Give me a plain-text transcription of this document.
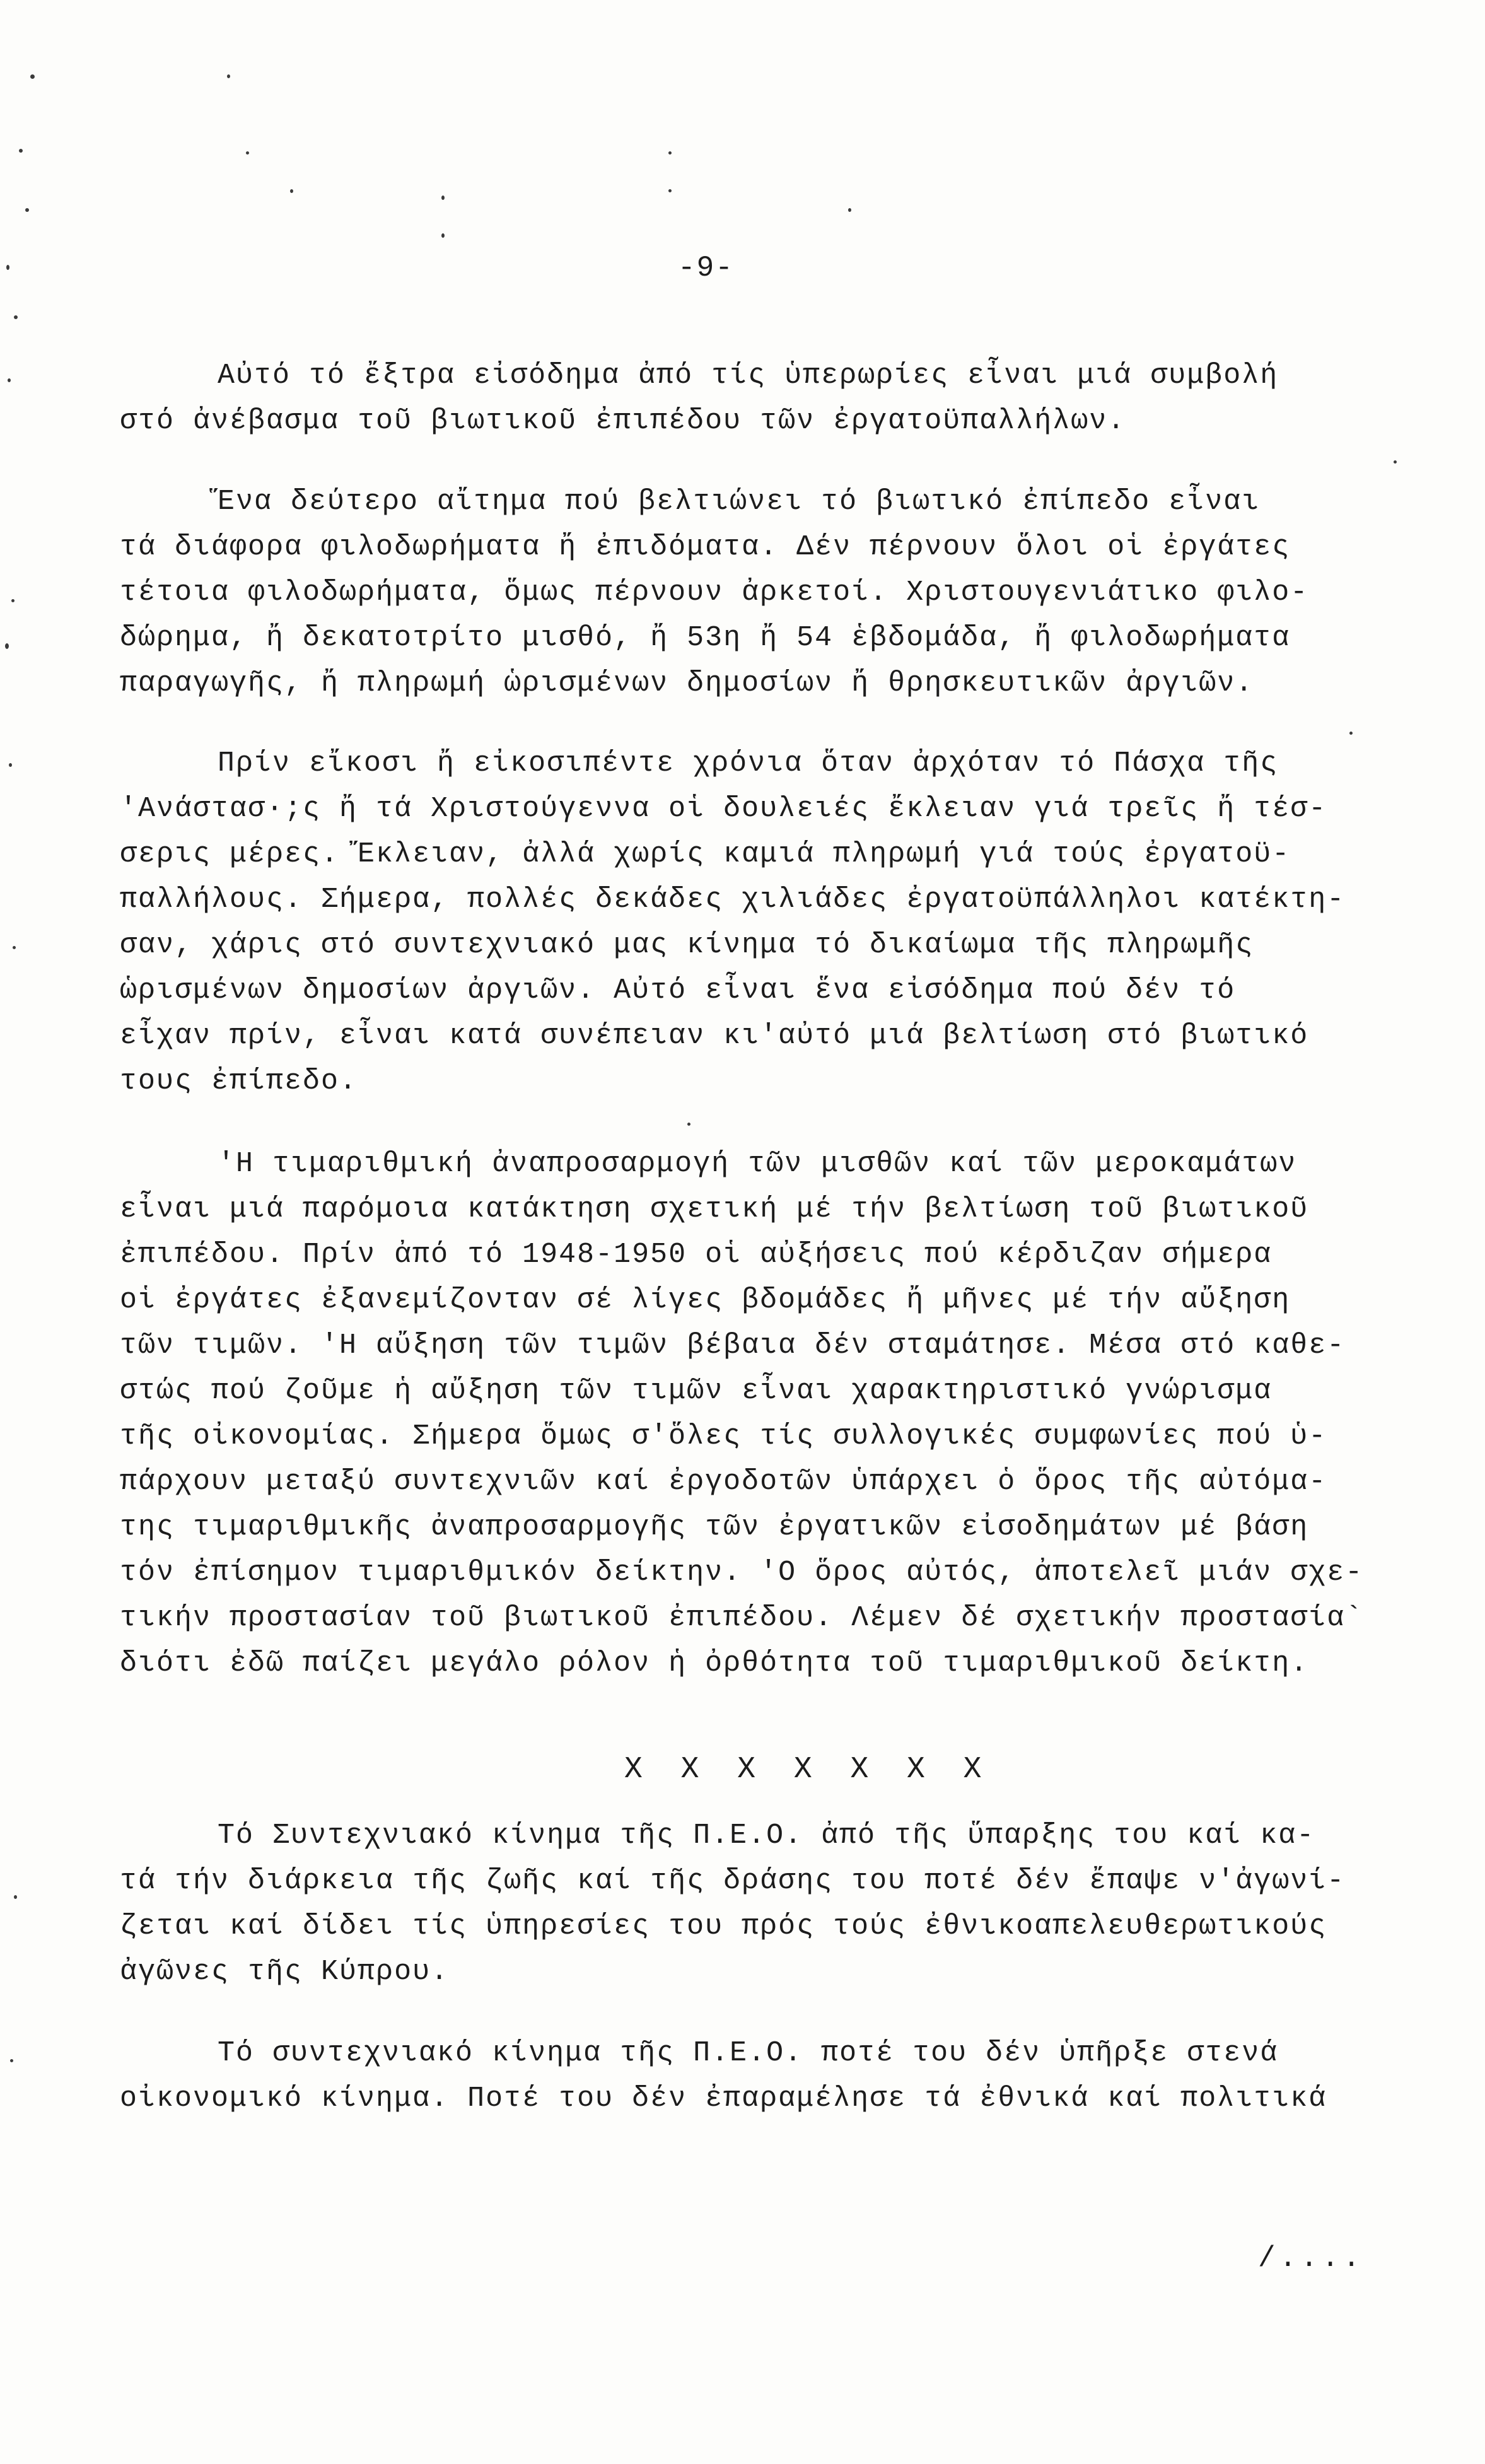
-9-
Αὐτό τό ἔξτρα εἰσόδημα ἀπό τίς ὑπερωρίες εἶναι μιά συμβολή
στό ἀνέβασμα τοῦ βιωτικοῦ ἐπιπέδου τῶν ἐργατοϋπαλλήλων.
Ἕνα δεύτερο αἴτημα πού βελτιώνει τό βιωτικό ἐπίπεδο εἶναι
τά διάφορα φιλοδωρήματα ἤ ἐπιδόματα. Δέν πέρνουν ὅλοι οἱ ἐργάτες
τέτοια φιλοδωρήματα, ὅμως πέρνουν ἀρκετοί. Χριστουγενιάτικο φιλο-
δώρημα, ἤ δεκατοτρίτο μισθό, ἤ 53η ἤ 54 ἑβδομάδα, ἤ φιλοδωρήματα
παραγωγῆς, ἤ πληρωμή ὡρισμένων δημοσίων ἤ θρησκευτικῶν ἀργιῶν.
Πρίν εἴκοσι ἤ εἰκοσιπέντε χρόνια ὅταν ἀρχόταν τό Πάσχα τῆς
'Ανάστασ·;ς ἤ τά Χριστούγεννα οἱ δουλειές ἔκλειαν γιά τρεῖς ἤ τέσ-
σερις μέρες. Ἔκλειαν, ἀλλά χωρίς καμιά πληρωμή γιά τούς ἐργατοϋ-
παλλήλους. Σήμερα, πολλές δεκάδες χιλιάδες ἐργατοϋπάλληλοι κατέκτη-
σαν, χάρις στό συντεχνιακό μας κίνημα τό δικαίωμα τῆς πληρωμῆς
ὡρισμένων δημοσίων ἀργιῶν. Αὐτό εἶναι ἕνα εἰσόδημα πού δέν τό
εἶχαν πρίν, εἶναι κατά συνέπειαν κι'αὐτό μιά βελτίωση στό βιωτικό
τους ἐπίπεδο.
'Η τιμαριθμική ἀναπροσαρμογή τῶν μισθῶν καί τῶν μεροκαμάτων
εἶναι μιά παρόμοια κατάκτηση σχετική μέ τήν βελτίωση τοῦ βιωτικοῦ
ἐπιπέδου. Πρίν ἀπό τό 1948-1950 οἱ αὐξήσεις πού κέρδιζαν σήμερα
οἱ ἐργάτες ἐξανεμίζονταν σέ λίγες βδομάδες ἤ μῆνες μέ τήν αὔξηση
τῶν τιμῶν. 'Η αὔξηση τῶν τιμῶν βέβαια δέν σταμάτησε. Μέσα στό καθε-
στώς πού ζοῦμε ἡ αὔξηση τῶν τιμῶν εἶναι χαρακτηριστικό γνώρισμα
τῆς οἰκονομίας. Σήμερα ὅμως σ'ὅλες τίς συλλογικές συμφωνίες πού ὑ-
πάρχουν μεταξύ συντεχνιῶν καί ἐργοδοτῶν ὑπάρχει ὁ ὅρος τῆς αὐτόμα-
της τιμαριθμικῆς ἀναπροσαρμογῆς τῶν ἐργατικῶν εἰσοδημάτων μέ βάση
τόν ἐπίσημον τιμαριθμικόν δείκτην. 'Ο ὅρος αὐτός, ἀποτελεῖ μιάν σχε-
τικήν προστασίαν τοῦ βιωτικοῦ ἐπιπέδου. Λέμεν δέ σχετικήν προστασία`
διότι ἐδῶ παίζει μεγάλο ρόλον ἡ ὀρθότητα τοῦ τιμαριθμικοῦ δείκτη.
X X X X X X X
Τό Συντεχνιακό κίνημα τῆς Π.Ε.Ο. ἀπό τῆς ὕπαρξης του καί κα-
τά τήν διάρκεια τῆς ζωῆς καί τῆς δράσης του ποτέ δέν ἔπαψε ν'ἀγωνί-
ζεται καί δίδει τίς ὑπηρεσίες του πρός τούς ἐθνικοαπελευθερωτικούς
ἀγῶνες τῆς Κύπρου.
Τό συντεχνιακό κίνημα τῆς Π.Ε.Ο. ποτέ του δέν ὑπῆρξε στενά
οἰκονομικό κίνημα. Ποτέ του δέν ἐπαραμέλησε τά ἐθνικά καί πολιτικά
/....
